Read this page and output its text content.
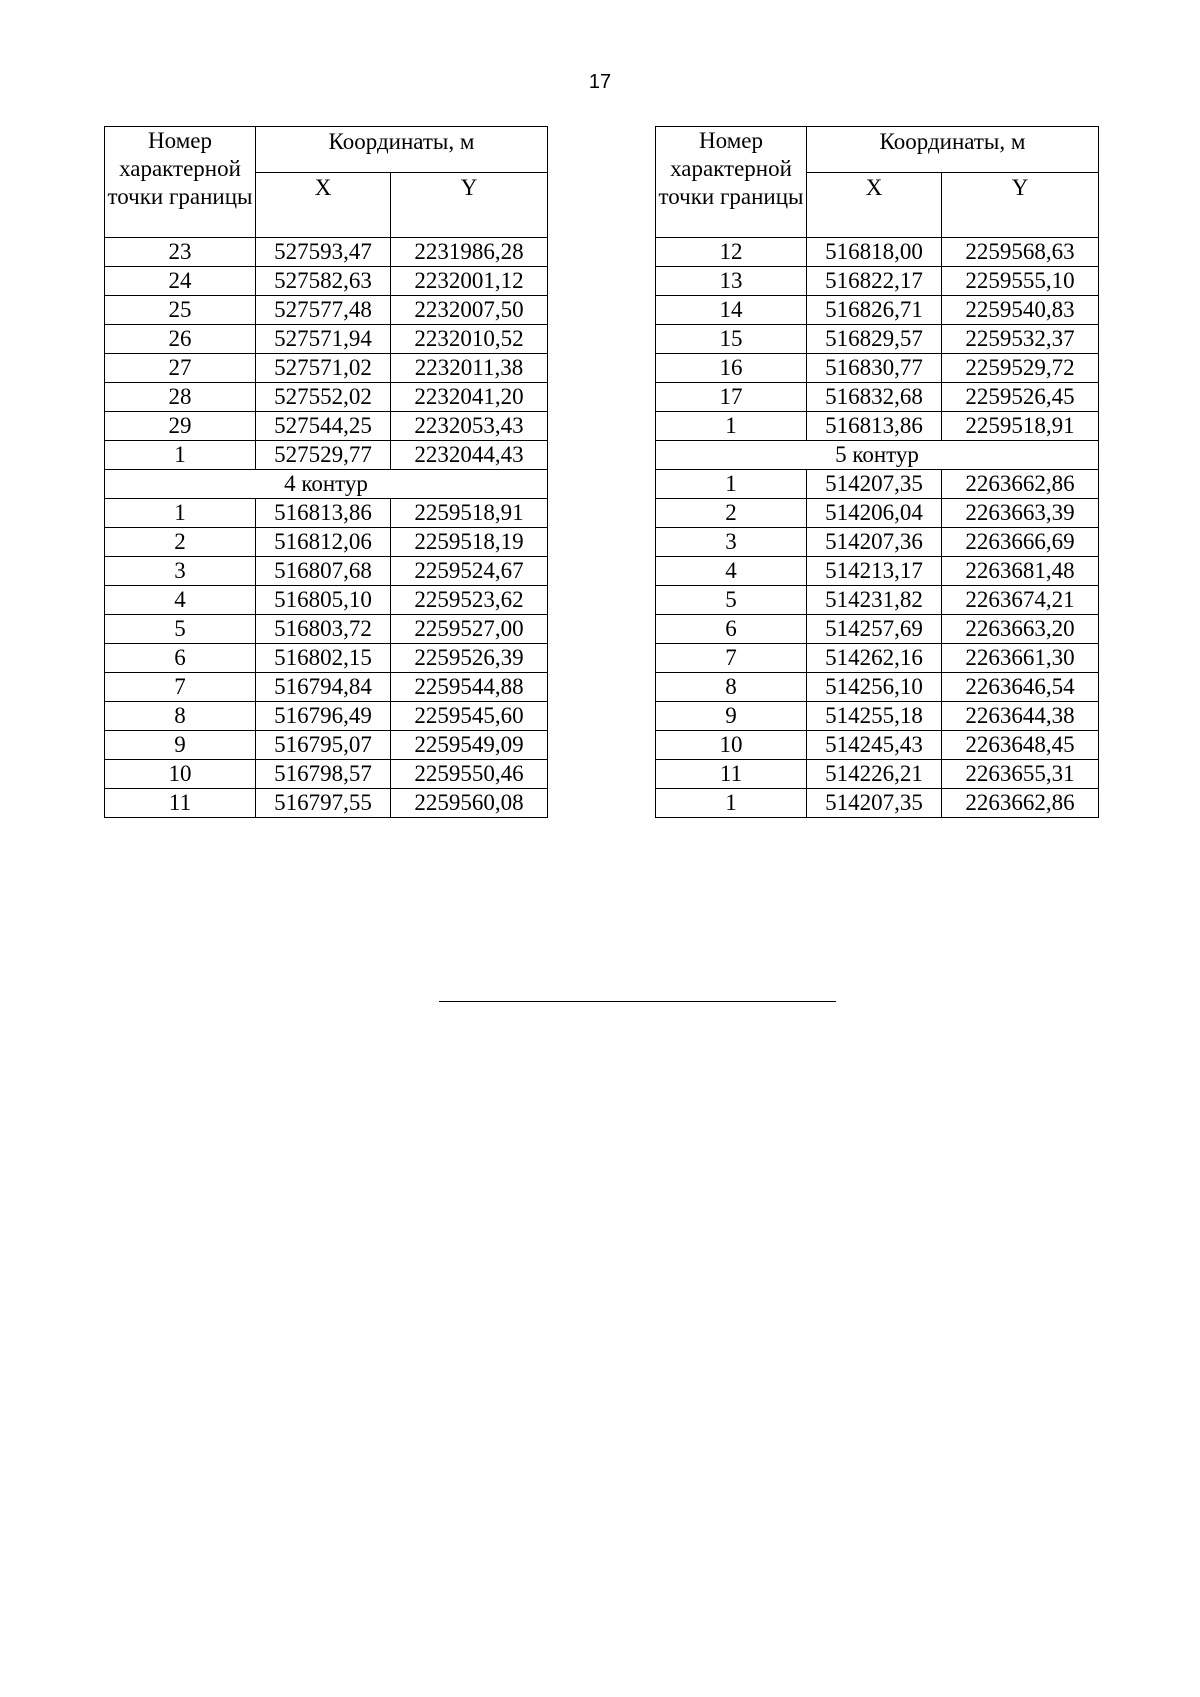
17
Номер характерной точки границы	Координаты, м	
	X	Y
23	527593,47	2231986,28
24	527582,63	2232001,12
25	527577,48	2232007,50
26	527571,94	2232010,52
27	527571,02	2232011,38
28	527552,02	2232041,20
29	527544,25	2232053,43
1	527529,77	2232044,43
4 контур		
1	516813,86	2259518,91
2	516812,06	2259518,19
3	516807,68	2259524,67
4	516805,10	2259523,62
5	516803,72	2259527,00
6	516802,15	2259526,39
7	516794,84	2259544,88
8	516796,49	2259545,60
9	516795,07	2259549,09
10	516798,57	2259550,46
11	516797,55	2259560,08
Номер характерной точки границы	Координаты, м	
	X	Y
12	516818,00	2259568,63
13	516822,17	2259555,10
14	516826,71	2259540,83
15	516829,57	2259532,37
16	516830,77	2259529,72
17	516832,68	2259526,45
1	516813,86	2259518,91
5 контур		
1	514207,35	2263662,86
2	514206,04	2263663,39
3	514207,36	2263666,69
4	514213,17	2263681,48
5	514231,82	2263674,21
6	514257,69	2263663,20
7	514262,16	2263661,30
8	514256,10	2263646,54
9	514255,18	2263644,38
10	514245,43	2263648,45
11	514226,21	2263655,31
1	514207,35	2263662,86
